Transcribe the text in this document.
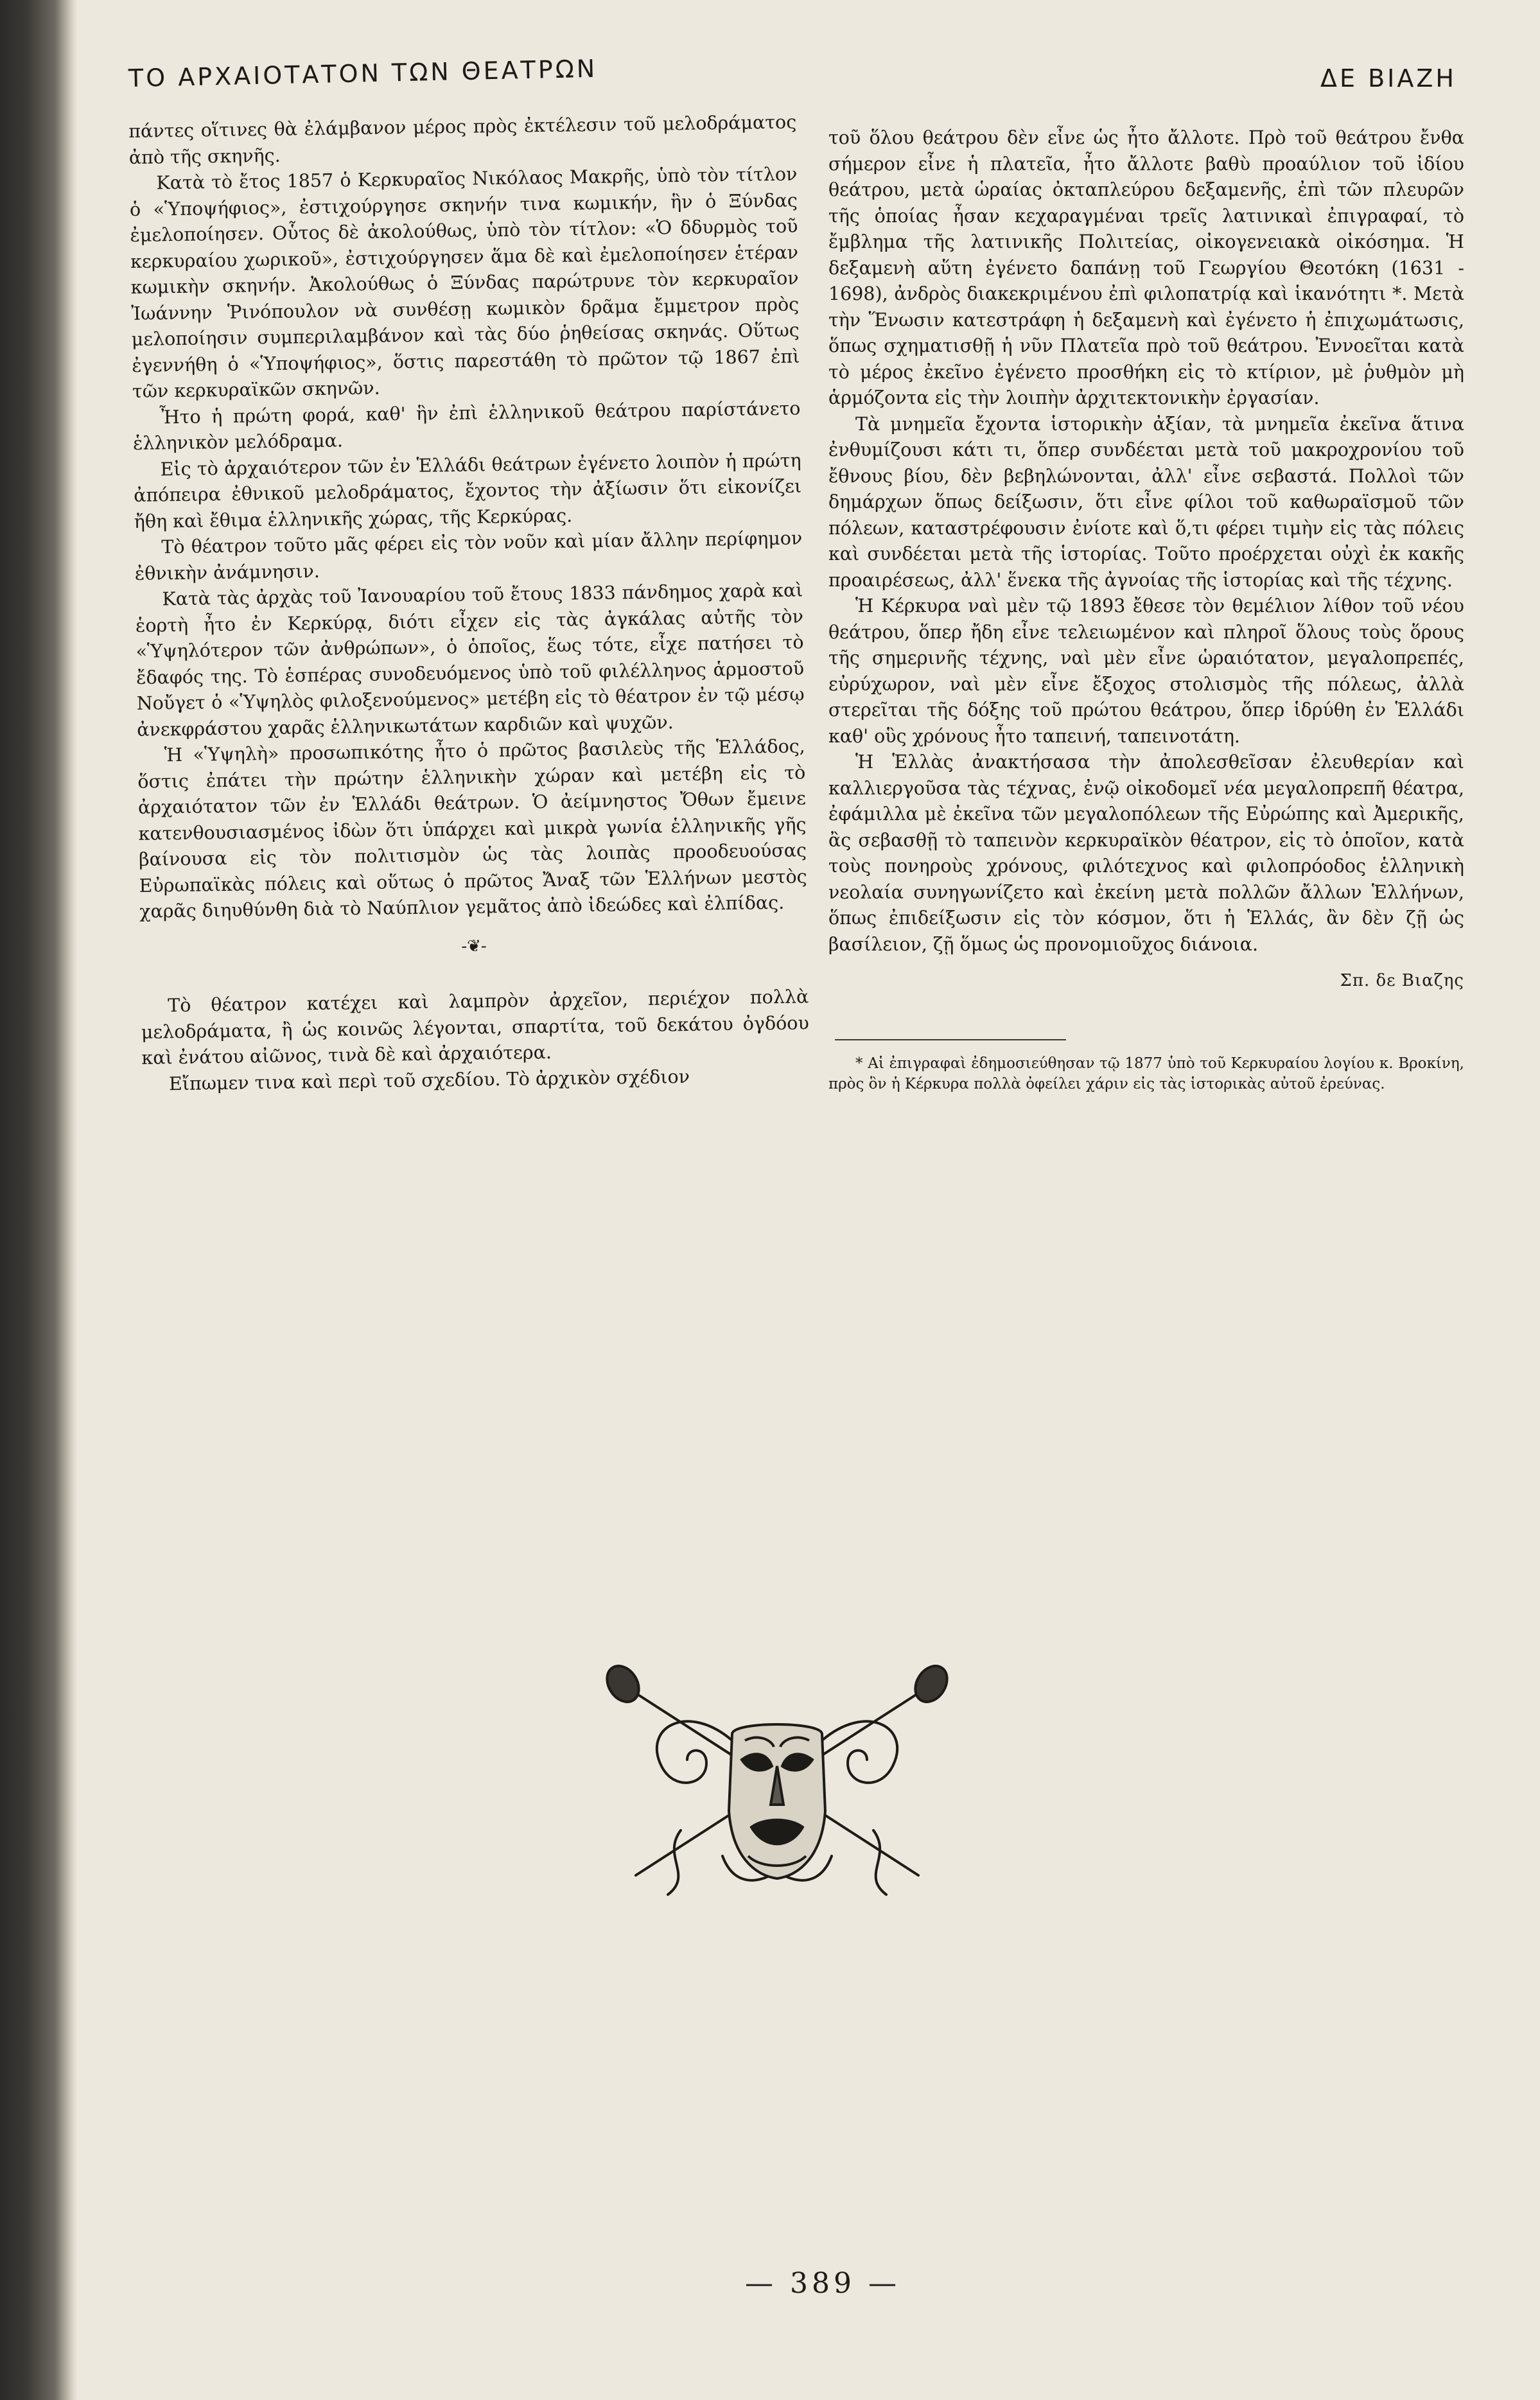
ΤΟ ΑΡΧΑΙΟΤΑΤΟΝ ΤΩΝ ΘΕΑΤΡΩΝ	ΔΕ ΒΙΑΖΗ

πάντες οἵτινες θὰ ἐλάμβανον μέρος πρὸς ἐκτέλεσιν τοῦ μελοδράματος ἀπὸ τῆς σκηνῆς.

Κατὰ τὸ ἔτος 1857 ὁ Κερκυραῖος Νικόλαος Μακρῆς, ὑπὸ τὸν τίτλον ὁ «Ὑποψήφιος», ἐστιχούργησε σκηνήν τινα κωμικήν, ἣν ὁ Ξύνδας ἐμελοποίησεν. Οὗτος δὲ ἀκολούθως, ὑπὸ τὸν τίτλον: «Ὁ δδυρμὸς τοῦ κερκυραίου χωρικοῦ», ἐστιχούργησεν ἅμα δὲ καὶ ἐμελοποίησεν ἑτέραν κωμικὴν σκηνήν. Ἀκολούθως ὁ Ξύνδας παρώτρυνε τὸν κερκυραῖον Ἰωάννην Ῥινόπουλον νὰ συνθέσῃ κωμικὸν δρᾶμα ἔμμετρον πρὸς μελοποίησιν συμπεριλαμβάνον καὶ τὰς δύο ῥηθείσας σκηνάς. Οὕτως ἐγεννήθη ὁ «Ὑποψήφιος», ὅστις παρεστάθη τὸ πρῶτον τῷ 1867 ἐπὶ τῶν κερκυραϊκῶν σκηνῶν.

Ἦτο ἡ πρώτη φορά, καθ' ἣν ἐπὶ ἑλληνικοῦ θεάτρου παρίστάνετο ἑλληνικὸν μελόδραμα.

Εἰς τὸ ἀρχαιότερον τῶν ἐν Ἑλλάδι θεάτρων ἐγένετο λοιπὸν ἡ πρώτη ἀπόπειρα ἐθνικοῦ μελοδράματος, ἔχοντος τὴν ἀξίωσιν ὅτι εἰκονίζει ἤθη καὶ ἔθιμα ἑλληνικῆς χώρας, τῆς Κερκύρας.

Τὸ θέατρον τοῦτο μᾶς φέρει εἰς τὸν νοῦν καὶ μίαν ἄλλην περίφημον ἐθνικὴν ἀνάμνησιν.

Κατὰ τὰς ἀρχὰς τοῦ Ἰανουαρίου τοῦ ἔτους 1833 πάνδημος χαρὰ καὶ ἑορτὴ ἦτο ἐν Κερκύρᾳ, διότι εἶχεν εἰς τὰς ἀγκάλας αὐτῆς τὸν «Ὑψηλότερον τῶν ἀνθρώπων», ὁ ὁποῖος, ἕως τότε, εἶχε πατήσει τὸ ἔδαφός της. Τὸ ἑσπέρας συνοδευόμενος ὑπὸ τοῦ φιλέλληνος ἁρμοστοῦ Νοὔγετ ὁ «Ὑψηλὸς φιλοξενούμενος» μετέβη εἰς τὸ θέατρον ἐν τῷ μέσῳ ἀνεκφράστου χαρᾶς ἑλληνικωτάτων καρδιῶν καὶ ψυχῶν.

Ἡ «Ὑψηλὴ» προσωπικότης ἦτο ὁ πρῶτος βασιλεὺς τῆς Ἑλλάδος, ὅστις ἐπάτει τὴν πρώτην ἑλληνικὴν χώραν καὶ μετέβη εἰς τὸ ἀρχαιότατον τῶν ἐν Ἑλλάδι θεάτρων. Ὁ ἀείμνηστος Ὄθων ἔμεινε κατενθουσιασμένος ἰδὼν ὅτι ὑπάρχει καὶ μικρὰ γωνία ἑλληνικῆς γῆς βαίνουσα εἰς τὸν πολιτισμὸν ὡς τὰς λοιπὰς προοδευούσας Εὐρωπαϊκὰς πόλεις καὶ οὕτως ὁ πρῶτος Ἄναξ τῶν Ἑλλήνων μεστὸς χαρᾶς διηυθύνθη διὰ τὸ Ναύπλιον γεμᾶτος ἀπὸ ἰδεώδες καὶ ἐλπίδας.

-❦-

Τὸ θέατρον κατέχει καὶ λαμπρὸν ἀρχεῖον, περιέχον πολλὰ μελοδράματα, ἢ ὡς κοινῶς λέγονται, σπαρτίτα, τοῦ δεκάτου ὀγδόου καὶ ἐνάτου αἰῶνος, τινὰ δὲ καὶ ἀρχαιότερα.

Εἴπωμεν τινα καὶ περὶ τοῦ σχεδίου. Τὸ ἀρχικὸν σχέδιον

τοῦ ὅλου θεάτρου δὲν εἶνε ὡς ἦτο ἄλλοτε. Πρὸ τοῦ θεάτρου ἔνθα σήμερον εἶνε ἡ πλατεῖα, ἦτο ἄλλοτε βαθὺ προαύλιον τοῦ ἰδίου θεάτρου, μετὰ ὡραίας ὀκταπλεύρου δεξαμενῆς, ἐπὶ τῶν πλευρῶν τῆς ὁποίας ἦσαν κεχαραγμέναι τρεῖς λατινικαὶ ἐπιγραφαί, τὸ ἔμβλημα τῆς λατινικῆς Πολιτείας, οἰκογενειακὰ οἰκόσημα. Ἡ δεξαμενὴ αὕτη ἐγένετο δαπάνῃ τοῦ Γεωργίου Θεοτόκη (1631 - 1698), ἀνδρὸς διακεκριμένου ἐπὶ φιλοπατρίᾳ καὶ ἱκανότητι *. Μετὰ τὴν Ἕνωσιν κατεστράφη ἡ δεξαμενὴ καὶ ἐγένετο ἡ ἐπιχωμάτωσις, ὅπως σχηματισθῇ ἡ νῦν Πλατεῖα πρὸ τοῦ θεάτρου. Ἐννοεῖται κατὰ τὸ μέρος ἐκεῖνο ἐγένετο προσθήκη εἰς τὸ κτίριον, μὲ ῥυθμὸν μὴ ἁρμόζοντα εἰς τὴν λοιπὴν ἀρχιτεκτονικὴν ἐργασίαν.

Τὰ μνημεῖα ἔχοντα ἱστορικὴν ἀξίαν, τὰ μνημεῖα ἐκεῖνα ἅτινα ἐνθυμίζουσι κάτι τι, ὅπερ συνδέεται μετὰ τοῦ μακροχρονίου τοῦ ἔθνους βίου, δὲν βεβηλώνονται, ἀλλ' εἶνε σεβαστά. Πολλοὶ τῶν δημάρχων ὅπως δείξωσιν, ὅτι εἶνε φίλοι τοῦ καθωραϊσμοῦ τῶν πόλεων, καταστρέφουσιν ἐνίοτε καὶ ὅ,τι φέρει τιμὴν εἰς τὰς πόλεις καὶ συνδέεται μετὰ τῆς ἱστορίας. Τοῦτο προέρχεται οὐχὶ ἐκ κακῆς προαιρέσεως, ἀλλ' ἕνεκα τῆς ἀγνοίας τῆς ἱστορίας καὶ τῆς τέχνης.

Ἡ Κέρκυρα ναὶ μὲν τῷ 1893 ἔθεσε τὸν θεμέλιον λίθον τοῦ νέου θεάτρου, ὅπερ ἤδη εἶνε τελειωμένον καὶ πληροῖ ὅλους τοὺς ὅρους τῆς σημερινῆς τέχνης, ναὶ μὲν εἶνε ὡραιότατον, μεγαλοπρεπές, εὐρύχωρον, ναὶ μὲν εἶνε ἔξοχος στολισμὸς τῆς πόλεως, ἀλλὰ στερεῖται τῆς δόξης τοῦ πρώτου θεάτρου, ὅπερ ἱδρύθη ἐν Ἑλλάδι καθ' οὓς χρόνους ἦτο ταπεινή, ταπεινοτάτη.

Ἡ Ἑλλὰς ἀνακτήσασα τὴν ἀπολεσθεῖσαν ἐλευθερίαν καὶ καλλιεργοῦσα τὰς τέχνας, ἐνῷ οἰκοδομεῖ νέα μεγαλοπρεπῆ θέατρα, ἐφάμιλλα μὲ ἐκεῖνα τῶν μεγαλοπόλεων τῆς Εὐρώπης καὶ Ἀμερικῆς, ἂς σεβασθῇ τὸ ταπεινὸν κερκυραϊκὸν θέατρον, εἰς τὸ ὁποῖον, κατὰ τοὺς πονηροὺς χρόνους, φιλότεχνος καὶ φιλοπρόοδος ἑλληνικὴ νεολαία συνηγωνίζετο καὶ ἐκείνη μετὰ πολλῶν ἄλλων Ἑλλήνων, ὅπως ἐπιδείξωσιν εἰς τὸν κόσμον, ὅτι ἡ Ἑλλάς, ἂν δὲν ζῇ ὡς βασίλειον, ζῇ ὅμως ὡς προνομιοῦχος διάνοια.

Σπ. δε Βιαζης

* Αἱ ἐπιγραφαὶ ἐδημοσιεύθησαν τῷ 1877 ὑπὸ τοῦ Κερκυραίου λογίου κ. Βροκίνη, πρὸς ὃν ἡ Κέρκυρα πολλὰ ὀφείλει χάριν εἰς τὰς ἱστορικὰς αὐτοῦ ἐρεύνας.

— 389 —
